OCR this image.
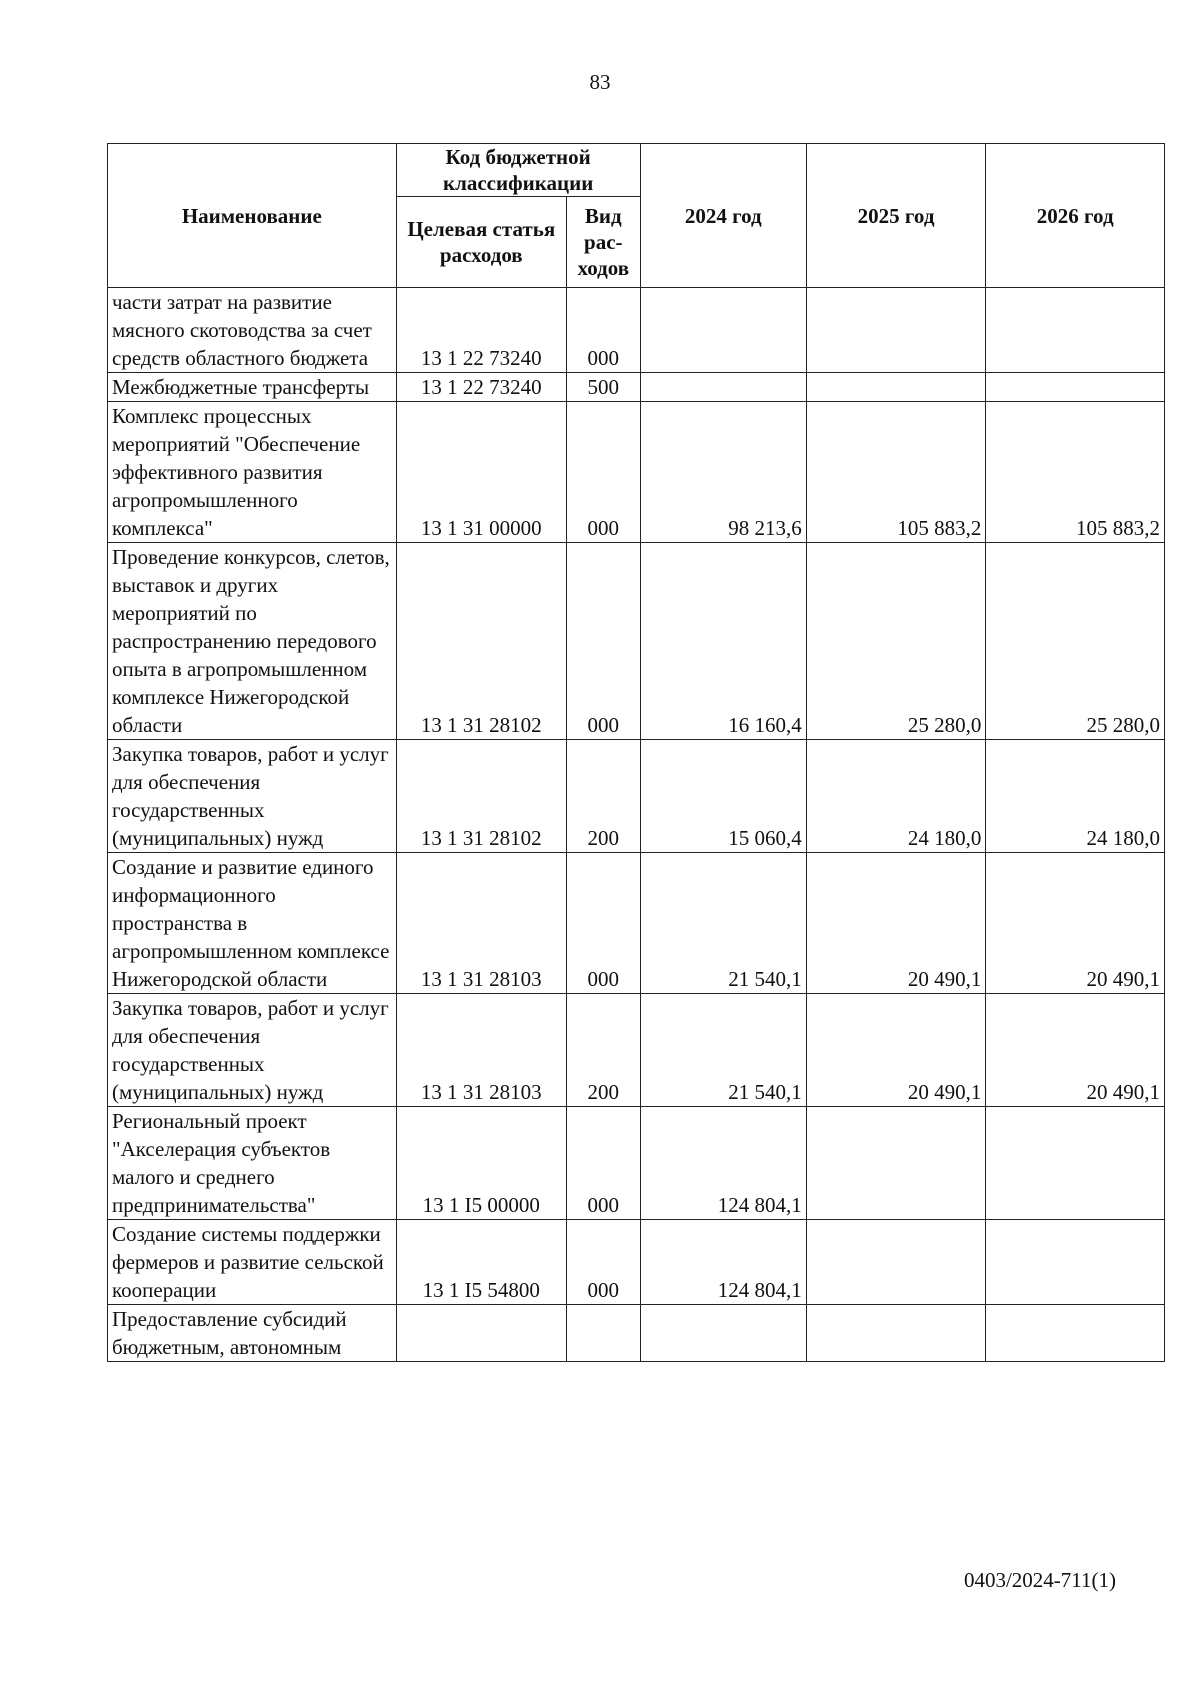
83
Наименование	Код бюджетной классификации		2024 год	2025 год	2026 год
	Целевая статья расходов	Вид рас-ходов			
части затрат на развитие мясного скотоводства за счет средств областного бюджета	13 1 22 73240	000			
Межбюджетные трансферты	13 1 22 73240	500			
Комплекс процессных мероприятий "Обеспечение эффективного развития агропромышленного комплекса"	13 1 31 00000	000	98 213,6	105 883,2	105 883,2
Проведение конкурсов, слетов, выставок и других мероприятий по распространению передового опыта в агропромышленном комплексе Нижегородской области	13 1 31 28102	000	16 160,4	25 280,0	25 280,0
Закупка товаров, работ и услуг для обеспечения государственных (муниципальных) нужд	13 1 31 28102	200	15 060,4	24 180,0	24 180,0
Создание и развитие единого информационного пространства в агропромышленном комплексе Нижегородской области	13 1 31 28103	000	21 540,1	20 490,1	20 490,1
Закупка товаров, работ и услуг для обеспечения государственных (муниципальных) нужд	13 1 31 28103	200	21 540,1	20 490,1	20 490,1
Региональный проект "Акселерация субъектов малого и среднего предпринимательства"	13 1 I5 00000	000	124 804,1		
Создание системы поддержки фермеров и развитие сельской кооперации	13 1 I5 54800	000	124 804,1		
Предоставление субсидий бюджетным, автономным					
0403/2024-711(1)
